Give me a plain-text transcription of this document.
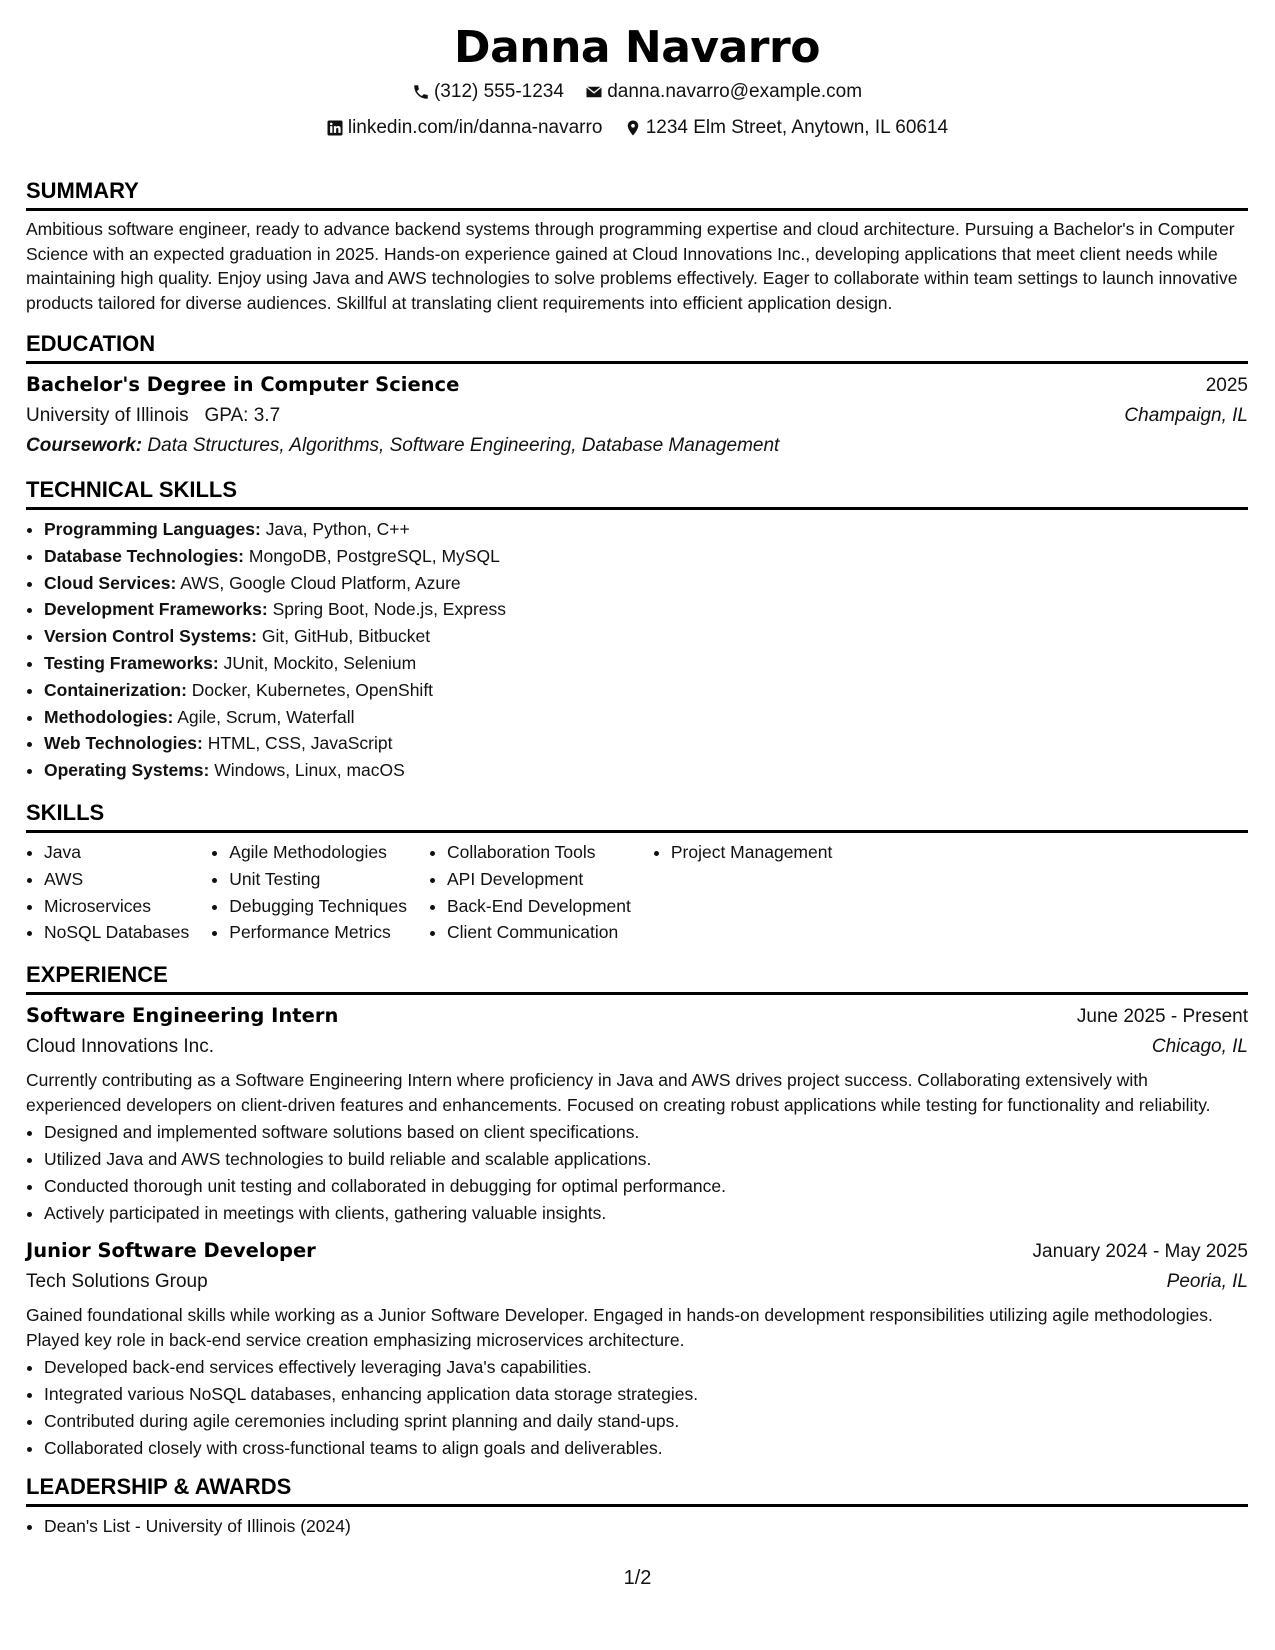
Danna Navarro
(312) 555-1234
danna.navarro@example.com
linkedin.com/in/danna-navarro
1234 Elm Street, Anytown, IL 60614
SUMMARY

Ambitious software engineer, ready to advance backend systems through programming expertise and cloud architecture. Pursuing a Bachelor's in Computer Science with an expected graduation in 2025. Hands-on experience gained at Cloud Innovations Inc., developing applications that meet client needs while maintaining high quality. Enjoy using Java and AWS technologies to solve problems effectively. Eager to collaborate within team settings to launch innovative products tailored for diverse audiences. Skillful at translating client requirements into efficient application design.

EDUCATION
Bachelor's Degree in Computer Science	2025
University of Illinois GPA: 3.7	Champaign, IL
Coursework: Data Structures, Algorithms, Software Engineering, Database Management
TECHNICAL SKILLS
• Programming Languages: Java, Python, C++
• Database Technologies: MongoDB, PostgreSQL, MySQL
• Cloud Services: AWS, Google Cloud Platform, Azure
• Development Frameworks: Spring Boot, Node.js, Express
• Version Control Systems: Git, GitHub, Bitbucket
• Testing Frameworks: JUnit, Mockito, Selenium
• Containerization: Docker, Kubernetes, OpenShift
• Methodologies: Agile, Scrum, Waterfall
• Web Technologies: HTML, CSS, JavaScript
• Operating Systems: Windows, Linux, macOS
SKILLS
• Java
• AWS
• Microservices
• NoSQL Databases
• Agile Methodologies
• Unit Testing
• Debugging Techniques
• Performance Metrics
• Collaboration Tools
• API Development
• Back-End Development
• Client Communication
• Project Management
EXPERIENCE
Software Engineering Intern	June 2025 - Present
Cloud Innovations Inc.	Chicago, IL

Currently contributing as a Software Engineering Intern where proficiency in Java and AWS drives project success. Collaborating extensively with experienced developers on client-driven features and enhancements. Focused on creating robust applications while testing for functionality and reliability.

• Designed and implemented software solutions based on client specifications.
• Utilized Java and AWS technologies to build reliable and scalable applications.
• Conducted thorough unit testing and collaborated in debugging for optimal performance.
• Actively participated in meetings with clients, gathering valuable insights.
Junior Software Developer	January 2024 - May 2025
Tech Solutions Group	Peoria, IL

Gained foundational skills while working as a Junior Software Developer. Engaged in hands-on development responsibilities utilizing agile methodologies. Played key role in back-end service creation emphasizing microservices architecture.

• Developed back-end services effectively leveraging Java's capabilities.
• Integrated various NoSQL databases, enhancing application data storage strategies.
• Contributed during agile ceremonies including sprint planning and daily stand-ups.
• Collaborated closely with cross-functional teams to align goals and deliverables.
LEADERSHIP & AWARDS
• Dean's List - University of Illinois (2024)
1/2
